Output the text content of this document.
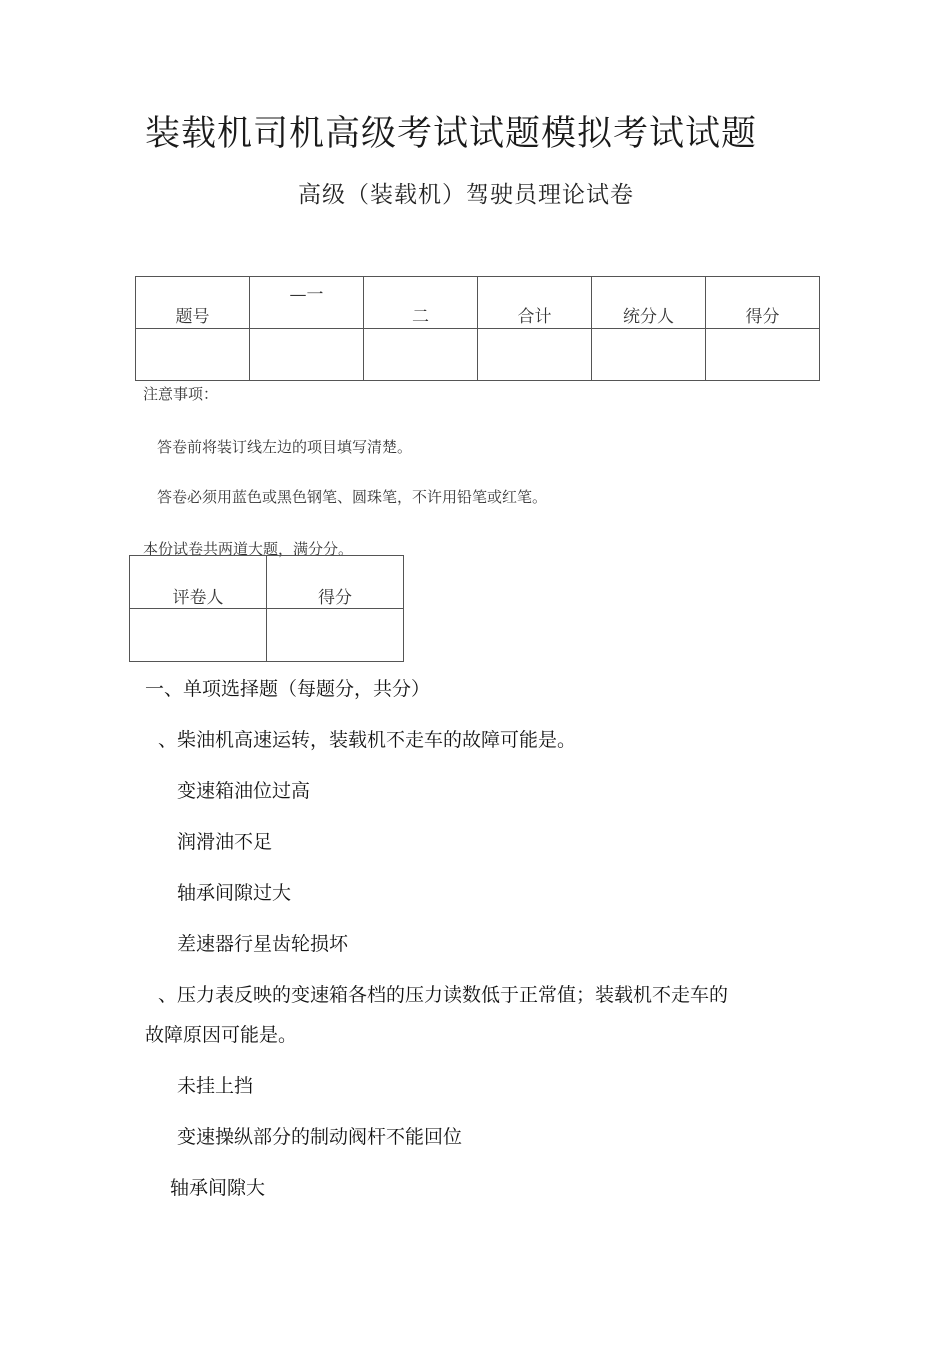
装载机司机高级考试试题模拟考试试题
高级（装载机）驾驶员理论试卷
题号	—一	二	合计	统分人	得分

注意事项：
答卷前将装订线左边的项目填写清楚。
答卷必须用蓝色或黑色钢笔、圆珠笔，不许用铅笔或红笔。
本份试卷共两道大题，满分分。
评卷人	得分

一、单项选择题（每题分，共分）
、柴油机高速运转，装载机不走车的故障可能是。
变速箱油位过高
润滑油不足
轴承间隙过大
差速器行星齿轮损坏
、压力表反映的变速箱各档的压力读数低于正常值；装载机不走车的
故障原因可能是。
未挂上挡
变速操纵部分的制动阀杆不能回位
轴承间隙大
